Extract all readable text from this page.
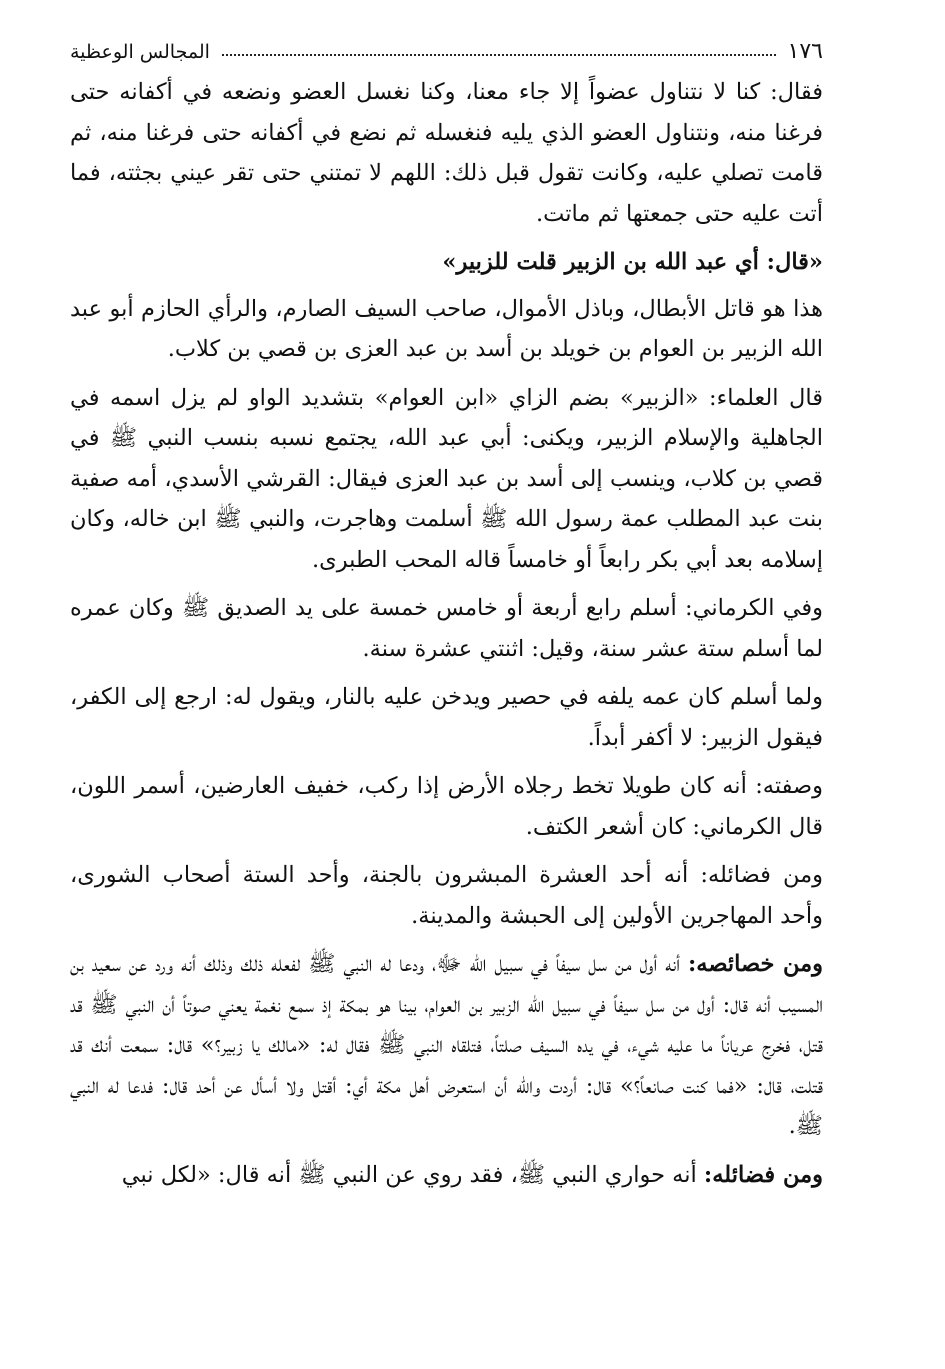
١٧٦
المجالس الوعظية

فقال: كنا لا نتناول عضواً إلا جاء معنا، وكنا نغسل العضو ونضعه في أكفانه حتى فرغنا منه، ونتناول العضو الذي يليه فنغسله ثم نضع في أكفانه حتى فرغنا منه، ثم قامت تصلي عليه، وكانت تقول قبل ذلك: اللهم لا تمتني حتى تقر عيني بجثته، فما أتت عليه حتى جمعتها ثم ماتت.

«قال: أي عبد الله بن الزبير قلت للزبير»

هذا هو قاتل الأبطال، وباذل الأموال، صاحب السيف الصارم، والرأي الحازم أبو عبد الله الزبير بن العوام بن خويلد بن أسد بن عبد العزى بن قصي بن كلاب.

قال العلماء: «الزبير» بضم الزاي «ابن العوام» بتشديد الواو لم يزل اسمه في الجاهلية والإسلام الزبير، ويكنى: أبي عبد الله، يجتمع نسبه بنسب النبي ﷺ في قصي بن كلاب، وينسب إلى أسد بن عبد العزى فيقال: القرشي الأسدي، أمه صفية بنت عبد المطلب عمة رسول الله ﷺ أسلمت وهاجرت، والنبي ﷺ ابن خاله، وكان إسلامه بعد أبي بكر رابعاً أو خامساً قاله المحب الطبرى.

وفي الكرماني: أسلم رابع أربعة أو خامس خمسة على يد الصديق ﷺ وكان عمره لما أسلم ستة عشر سنة، وقيل: اثنتي عشرة سنة.

ولما أسلم كان عمه يلفه في حصير ويدخن عليه بالنار، ويقول له: ارجع إلى الكفر، فيقول الزبير: لا أكفر أبداً.

وصفته: أنه كان طويلا تخط رجلاه الأرض إذا ركب، خفيف العارضين، أسمر اللون، قال الكرماني: كان أشعر الكتف.

ومن فضائله: أنه أحد العشرة المبشرون بالجنة، وأحد الستة أصحاب الشورى، وأحد المهاجرين الأولين إلى الحبشة والمدينة.

ومن خصائصه: أنه أول من سل سيفاً في سبيل الله ﷻ، ودعا له النبي ﷺ لفعله ذلك وذلك أنه ورد عن سعيد بن المسيب أنه قال: أول من سل سيفاً في سبيل الله الزبير بن العوام، بينا هو بمكة إذ سمع نغمة يعني صوتاً أن النبي ﷺ قد قتل، فخرج عرياناً ما عليه شيء، في يده السيف صلتاً، فتلقاه النبي ﷺ فقال له: «مالك يا زبير؟» قال: سمعت أنك قد قتلت، قال: «فما كنت صانعاً؟» قال: أردت والله أن استعرض أهل مكة أي: أقتل ولا أسأل عن أحد قال: فدعا له النبي ﷺ.

ومن فضائله: أنه حواري النبي ﷺ، فقد روي عن النبي ﷺ أنه قال: «لكل نبي
